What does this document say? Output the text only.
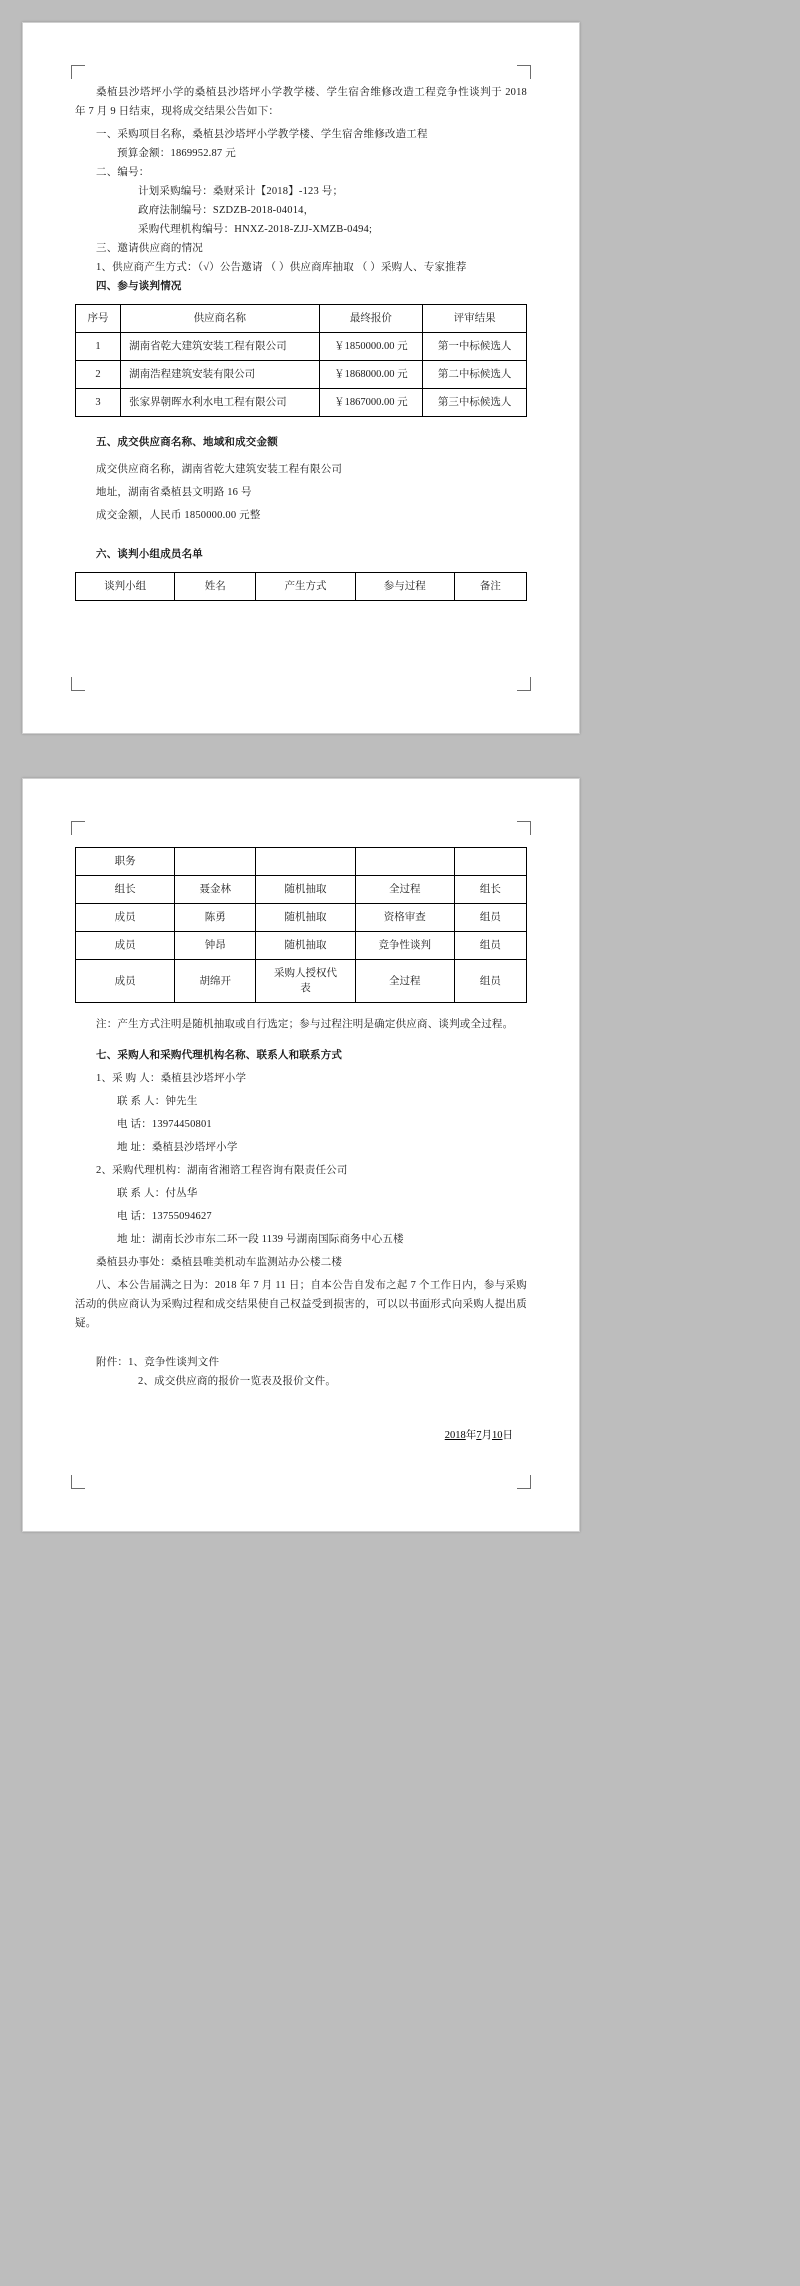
桑植县沙塔坪小学的桑植县沙塔坪小学教学楼、学生宿舍维修改造工程竞争性谈判于 2018 年 7 月 9 日结束，现将成交结果公告如下：

一、采购项目名称，桑植县沙塔坪小学教学楼、学生宿舍维修改造工程

预算金额：1869952.87 元

二、编号：

计划采购编号：桑财采计【2018】-123 号；

政府法制编号：SZDZB-2018-04014，

采购代理机构编号：HNXZ-2018-ZJJ-XMZB-0494;

三、邀请供应商的情况

1、供应商产生方式：（√）公告邀请 （ ）供应商库抽取 （ ）采购人、专家推荐

四、参与谈判情况

序号	供应商名称	最终报价	评审结果
1	湖南省乾大建筑安装工程有限公司	￥1850000.00 元	第一中标候选人
2	湖南浩程建筑安装有限公司	￥1868000.00 元	第二中标候选人
3	张家界朝晖水利水电工程有限公司	￥1867000.00 元	第三中标候选人

五、成交供应商名称、地域和成交金额

成交供应商名称，湖南省乾大建筑安装工程有限公司

地址，湖南省桑植县文明路 16 号

成交金额，人民币 1850000.00 元整

六、谈判小组成员名单

谈判小组	姓名	产生方式	参与过程	备注
职务				
组长	聂金林	随机抽取	全过程	组长
成员	陈勇	随机抽取	资格审查	组员
成员	钟昂	随机抽取	竞争性谈判	组员
成员	胡绵开	采购人授权代表	全过程	组员

注：产生方式注明是随机抽取或自行选定；参与过程注明是确定供应商、谈判或全过程。

七、采购人和采购代理机构名称、联系人和联系方式

1、采 购 人：桑植县沙塔坪小学

联 系 人：钟先生

电 话：13974450801

地 址：桑植县沙塔坪小学

2、采购代理机构：湖南省湘谘工程咨询有限责任公司

联 系 人：付丛华

电 话：13755094627

地 址：湖南长沙市东二环一段 1139 号湖南国际商务中心五楼

桑植县办事处：桑植县唯美机动车监测站办公楼二楼

八、本公告届满之日为：2018 年 7 月 11 日；自本公告自发布之起 7 个工作日内，参与采购活动的供应商认为采购过程和成交结果使自己权益受到损害的，可以以书面形式向采购人提出质疑。

附件：1、竞争性谈判文件

2、成交供应商的报价一览表及报价文件。

2018年7月10日
